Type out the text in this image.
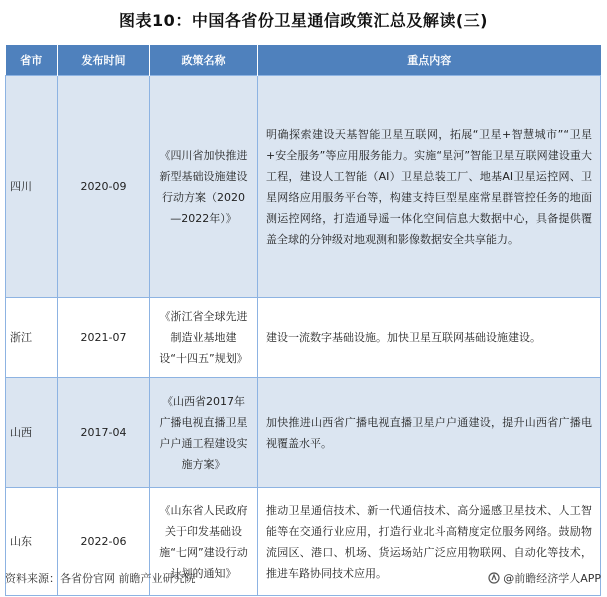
图表10：中国各省份卫星通信政策汇总及解读(三)
省市	发布时间	政策名称	重点内容
四川	2020-09	《四川省加快推进新型基础设施建设行动方案（2020—2022年）》	明确探索建设天基智能卫星互联网，拓展“卫星+智慧城市”“卫星+安全服务”等应用服务能力。实施“星河”智能卫星互联网建设重大工程，建设人工智能（AI）卫星总装工厂、地基AI卫星运控网、卫星网络应用服务平台等，构建支持巨型星座常星群管控任务的地面测运控网络，打造通导遥一体化空间信息大数据中心，具备提供覆盖全球的分钟级对地观测和影像数据安全共享能力。
浙江	2021-07	《浙江省全球先进制造业基地建设“十四五”规划》	建设一流数字基础设施。加快卫星互联网基础设施建设。
山西	2017-04	《山西省2017年广播电视直播卫星户户通工程建设实施方案》	加快推进山西省广播电视直播卫星户户通建设，提升山西省广播电视覆盖水平。
山东	2022-06	《山东省人民政府关于印发基础设施“七网”建设行动计划的通知》	推动卫星通信技术、新一代通信技术、高分遥感卫星技术、人工智能等在交通行业应用，打造行业北斗高精度定位服务网络。鼓励物流园区、港口、机场、货运场站广泛应用物联网、自动化等技术，推进车路协同技术应用。
资料来源：各省份官网 前瞻产业研究院	@前瞻经济学人APP
